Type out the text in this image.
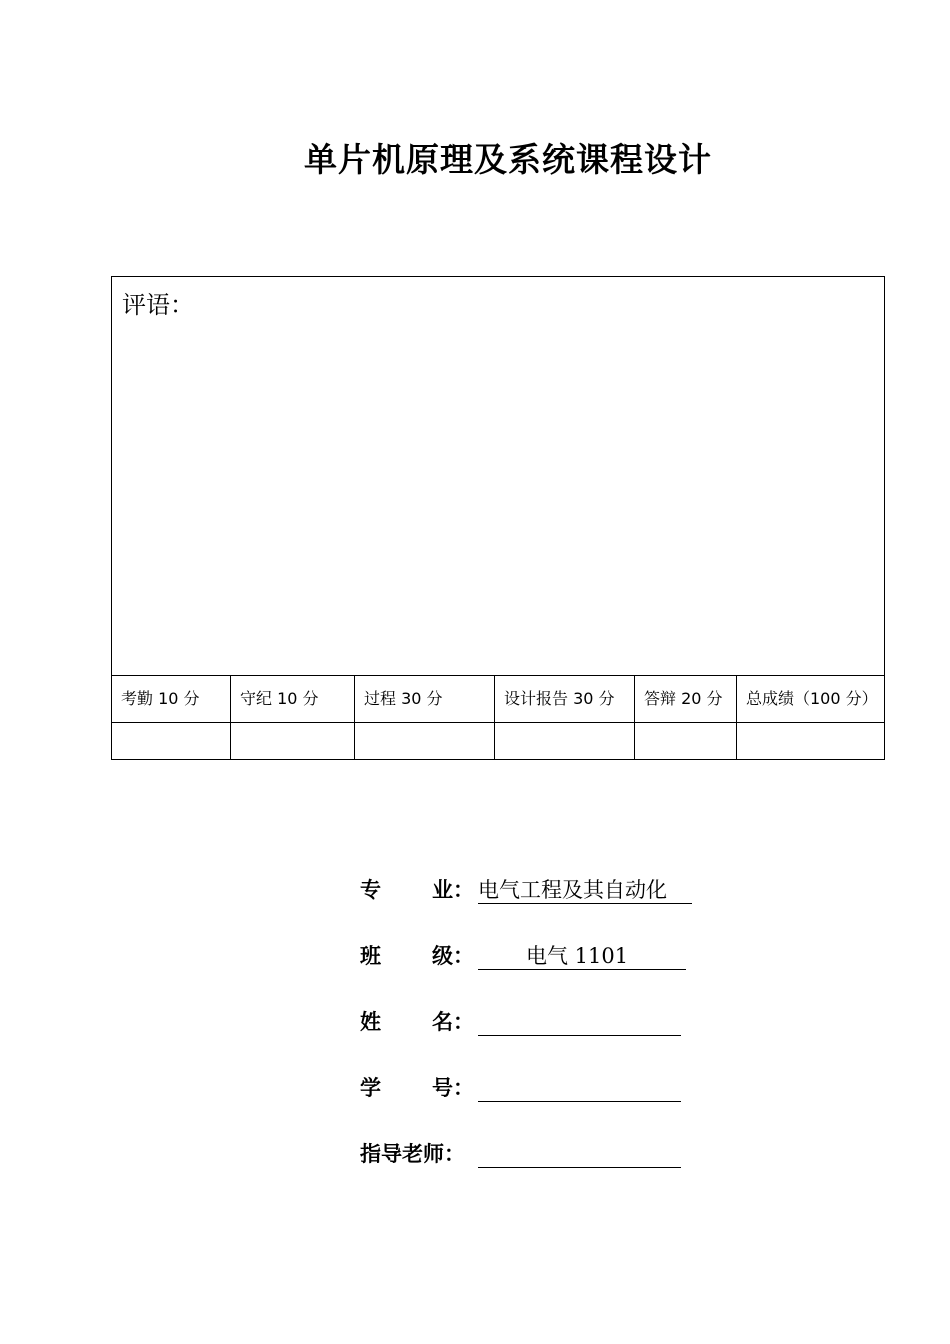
单片机原理及系统课程设计
评语：					
考勤 10 分	守纪 10 分	过程 30 分	设计报告 30 分	答辩 20 分	总成绩（100 分）

专 业： 电气工程及其自动化
班 级： 电气 1101
姓 名：
学 号：
指导老师：
